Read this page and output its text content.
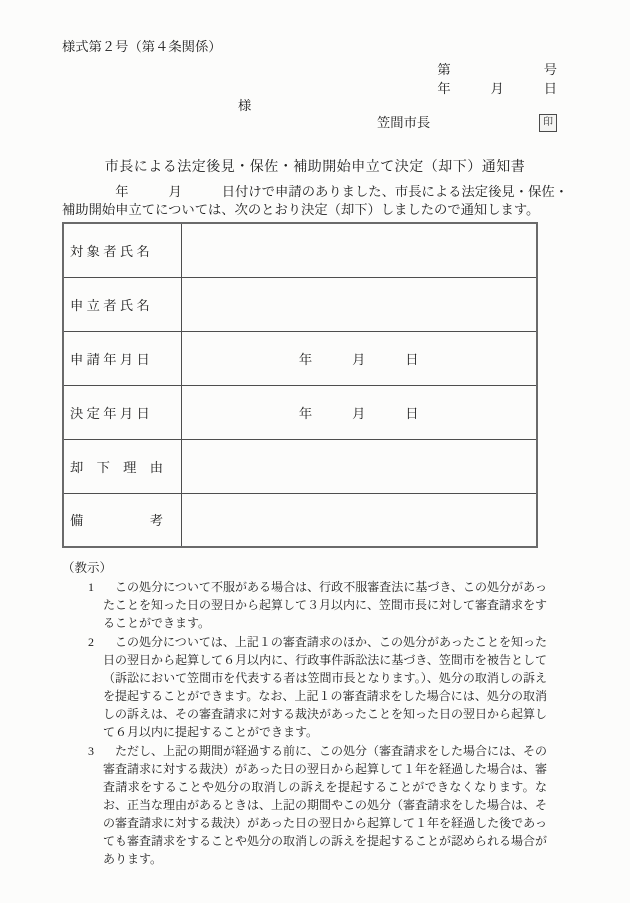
様式第２号（第４条関係）
第　　　　　　　号
年　　　月　　　日
様
笠間市長	印
市長による法定後見・保佐・補助開始申立て決定（却下）通知書

　　　　年　　　月　　　日付けで申請のありました、市長による法定後見・保佐・補助開始申立てについては、次のとおり決定（却下）しましたので通知します。

対 象 者 氏 名	
申 立 者 氏 名	
申 請 年 月 日	年　　　月　　　日
決 定 年 月 日	年　　　月　　　日
却　下　理　由	
備　　　　　考	
（教示）
1 この処分について不服がある場合は、行政不服審査法に基づき、この処分があったことを知った日の翌日から起算して３月以内に、笠間市長に対して審査請求をすることができます。
2 この処分については、上記１の審査請求のほか、この処分があったことを知った日の翌日から起算して６月以内に、行政事件訴訟法に基づき、笠間市を被告として（訴訟において笠間市を代表する者は笠間市長となります。）、処分の取消しの訴えを提起することができます。なお、上記１の審査請求をした場合には、処分の取消しの訴えは、その審査請求に対する裁決があったことを知った日の翌日から起算して６月以内に提起することができます。
3 ただし、上記の期間が経過する前に、この処分（審査請求をした場合には、その審査請求に対する裁決）があった日の翌日から起算して１年を経過した場合は、審査請求をすることや処分の取消しの訴えを提起することができなくなります。なお、正当な理由があるときは、上記の期間やこの処分（審査請求をした場合は、その審査請求に対する裁決）があった日の翌日から起算して１年を経過した後であっても審査請求をすることや処分の取消しの訴えを提起することが認められる場合があります。
